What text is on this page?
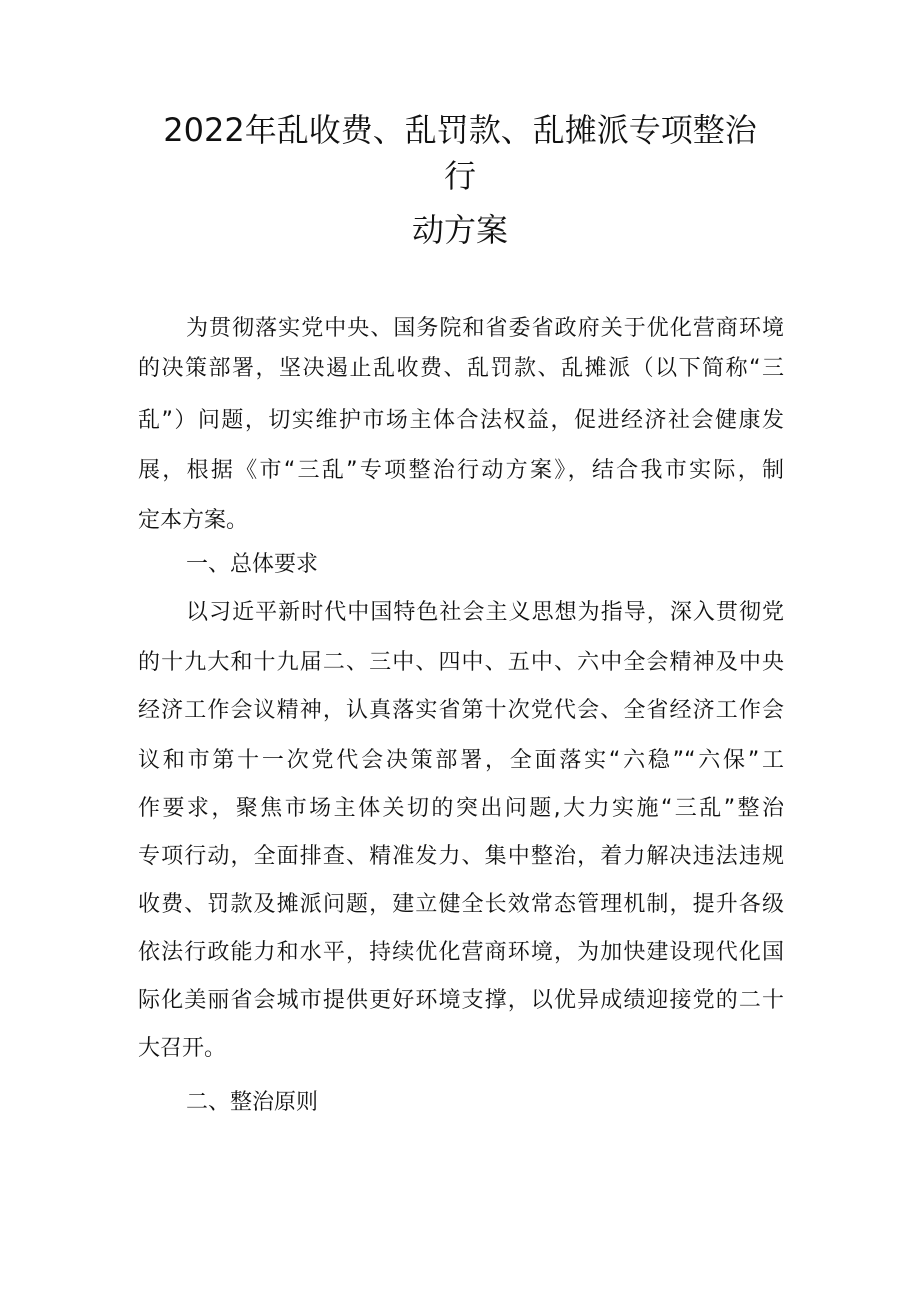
2022年乱收费、乱罚款、乱摊派专项整治
行
动方案
为贯彻落实党中央、国务院和省委省政府关于优化营商环境
的决策部署，坚决遏止乱收费、乱罚款、乱摊派（以下简称“三
乱”）问题，切实维护市场主体合法权益，促进经济社会健康发
展，根据《市“三乱”专项整治行动方案》，结合我市实际，制
定本方案。
一、总体要求
以习近平新时代中国特色社会主义思想为指导，深入贯彻党
的十九大和十九届二、三中、四中、五中、六中全会精神及中央
经济工作会议精神，认真落实省第十次党代会、全省经济工作会
议和市第十一次党代会决策部署，全面落实“六稳”“六保”工
作要求，聚焦市场主体关切的突出问题,大力实施“三乱”整治
专项行动，全面排查、精准发力、集中整治，着力解决违法违规
收费、罚款及摊派问题，建立健全长效常态管理机制，提升各级
依法行政能力和水平，持续优化营商环境，为加快建设现代化国
际化美丽省会城市提供更好环境支撑，以优异成绩迎接党的二十
大召开。
二、整治原则
